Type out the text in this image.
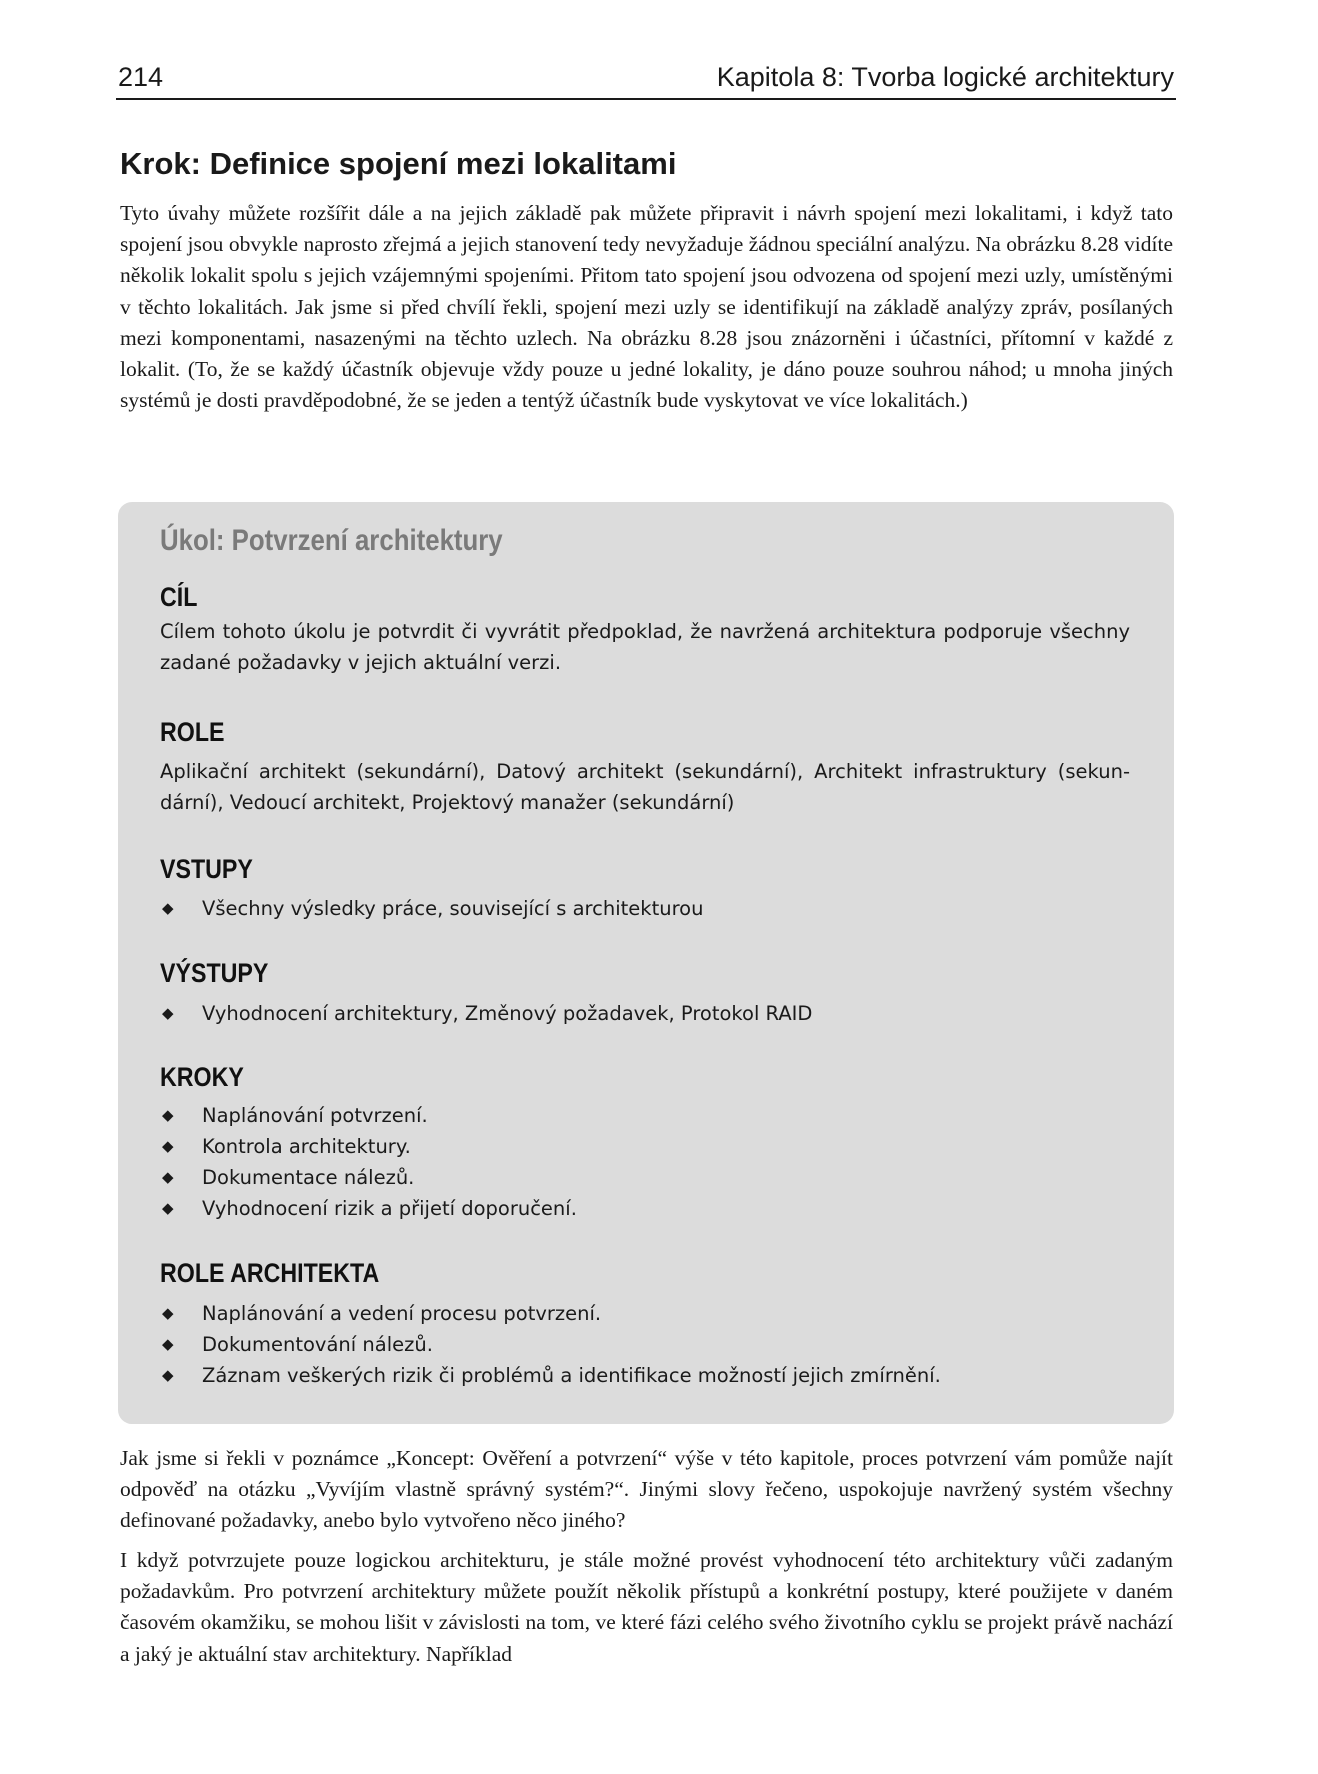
214	Kapitola 8: Tvorba logické architektury
Krok: Definice spojení mezi lokalitami

Tyto úvahy můžete rozšířit dále a na jejich základě pak můžete připravit i návrh spojení mezi lokalitami, i když tato spojení jsou obvykle naprosto zřejmá a jejich stanovení tedy nevyžaduje žádnou speciální analýzu. Na obrázku 8.28 vidíte několik lokalit spolu s jejich vzájemnými spojeními. Přitom tato spojení jsou odvozena od spojení mezi uzly, umístěnými v těchto lokalitách. Jak jsme si před chvílí řekli, spojení mezi uzly se identifikují na základě analýzy zpráv, posílaných mezi komponentami, nasazenými na těchto uzlech. Na obrázku 8.28 jsou znázorněni i účastníci, přítomní v každé z lokalit. (To, že se každý účastník objevuje vždy pouze u jedné lokality, je dáno pouze souhrou náhod; u mnoha jiných systémů je dosti pravděpodobné, že se jeden a tentýž účastník bude vyskytovat ve více lokalitách.)

Úkol: Potvrzení architektury
CÍL

Cílem tohoto úkolu je potvrdit či vyvrátit předpoklad, že navržená architektura podporuje všechny zadané požadavky v jejich aktuální verzi.

ROLE

Aplikační architekt (sekundární), Datový architekt (sekundární), Architekt infrastruktury (sekundární), Vedoucí architekt, Projektový manažer (sekundární)

VSTUPY
◆ Všechny výsledky práce, související s architekturou
VÝSTUPY
◆ Vyhodnocení architektury, Změnový požadavek, Protokol RAID
KROKY
◆ Naplánování potvrzení.
◆ Kontrola architektury.
◆ Dokumentace nálezů.
◆ Vyhodnocení rizik a přijetí doporučení.
ROLE ARCHITEKTA
◆ Naplánování a vedení procesu potvrzení.
◆ Dokumentování nálezů.
◆ Záznam veškerých rizik či problémů a identifikace možností jejich zmírnění.

Jak jsme si řekli v poznámce „Koncept: Ověření a potvrzení“ výše v této kapitole, proces potvrzení vám pomůže najít odpověď na otázku „Vyvíjím vlastně správný systém?“. Jinými slovy řečeno, uspokojuje navržený systém všechny definované požadavky, anebo bylo vytvořeno něco jiného?

I když potvrzujete pouze logickou architekturu, je stále možné provést vyhodnocení této architektury vůči zadaným požadavkům. Pro potvrzení architektury můžete použít několik přístupů a konkrétní postupy, které použijete v daném časovém okamžiku, se mohou lišit v závislosti na tom, ve které fázi celého svého životního cyklu se projekt právě nachází a jaký je aktuální stav architektury. Například
